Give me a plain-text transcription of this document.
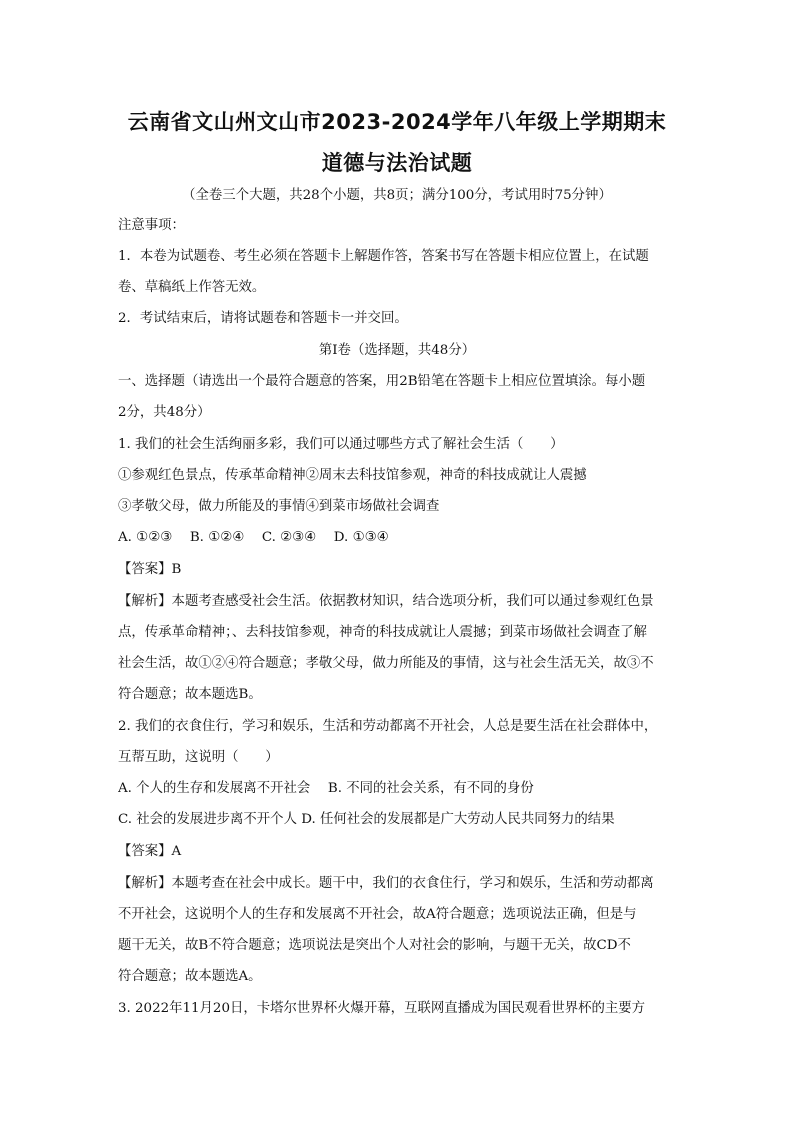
云南省文山州文山市2023-2024学年八年级上学期期末
道德与法治试题
（全卷三个大题，共28个小题，共8页；满分100分，考试用时75分钟）
注意事项：
1．本卷为试题卷、考生必须在答题卡上解题作答，答案书写在答题卡相应位置上，在试题
卷、草稿纸上作答无效。
2．考试结束后，请将试题卷和答题卡一并交回。
第Ⅰ卷（选择题，共48分）
一、选择题（请选出一个最符合题意的答案，用2B铅笔在答题卡上相应位置填涂。每小题
2分，共48分）
1. 我们的社会生活绚丽多彩，我们可以通过哪些方式了解社会生活（　　）
①参观红色景点，传承革命精神②周末去科技馆参观，神奇的科技成就让人震撼
③孝敬父母，做力所能及的事情④到菜市场做社会调查
A. ①②③　 B. ①②④　 C. ②③④　 D. ①③④
【答案】B
【解析】本题考查感受社会生活。依据教材知识，结合选项分析，我们可以通过参观红色景
点，传承革命精神；、去科技馆参观，神奇的科技成就让人震撼；到菜市场做社会调查了解
社会生活，故①②④符合题意；孝敬父母，做力所能及的事情，这与社会生活无关，故③不
符合题意；故本题选B。
2. 我们的衣食住行，学习和娱乐，生活和劳动都离不开社会，人总是要生活在社会群体中，
互帮互助，这说明（　　）
A. 个人的生存和发展离不开社会　 B. 不同的社会关系，有不同的身份
C. 社会的发展进步离不开个人 D. 任何社会的发展都是广大劳动人民共同努力的结果
【答案】A
【解析】本题考查在社会中成长。题干中，我们的衣食住行，学习和娱乐，生活和劳动都离
不开社会，这说明个人的生存和发展离不开社会，故A符合题意；选项说法正确，但是与
题干无关，故B不符合题意；选项说法是突出个人对社会的影响，与题干无关，故CD不
符合题意；故本题选A。
3. 2022年11月20日，卡塔尔世界杯火爆开幕，互联网直播成为国民观看世界杯的主要方
